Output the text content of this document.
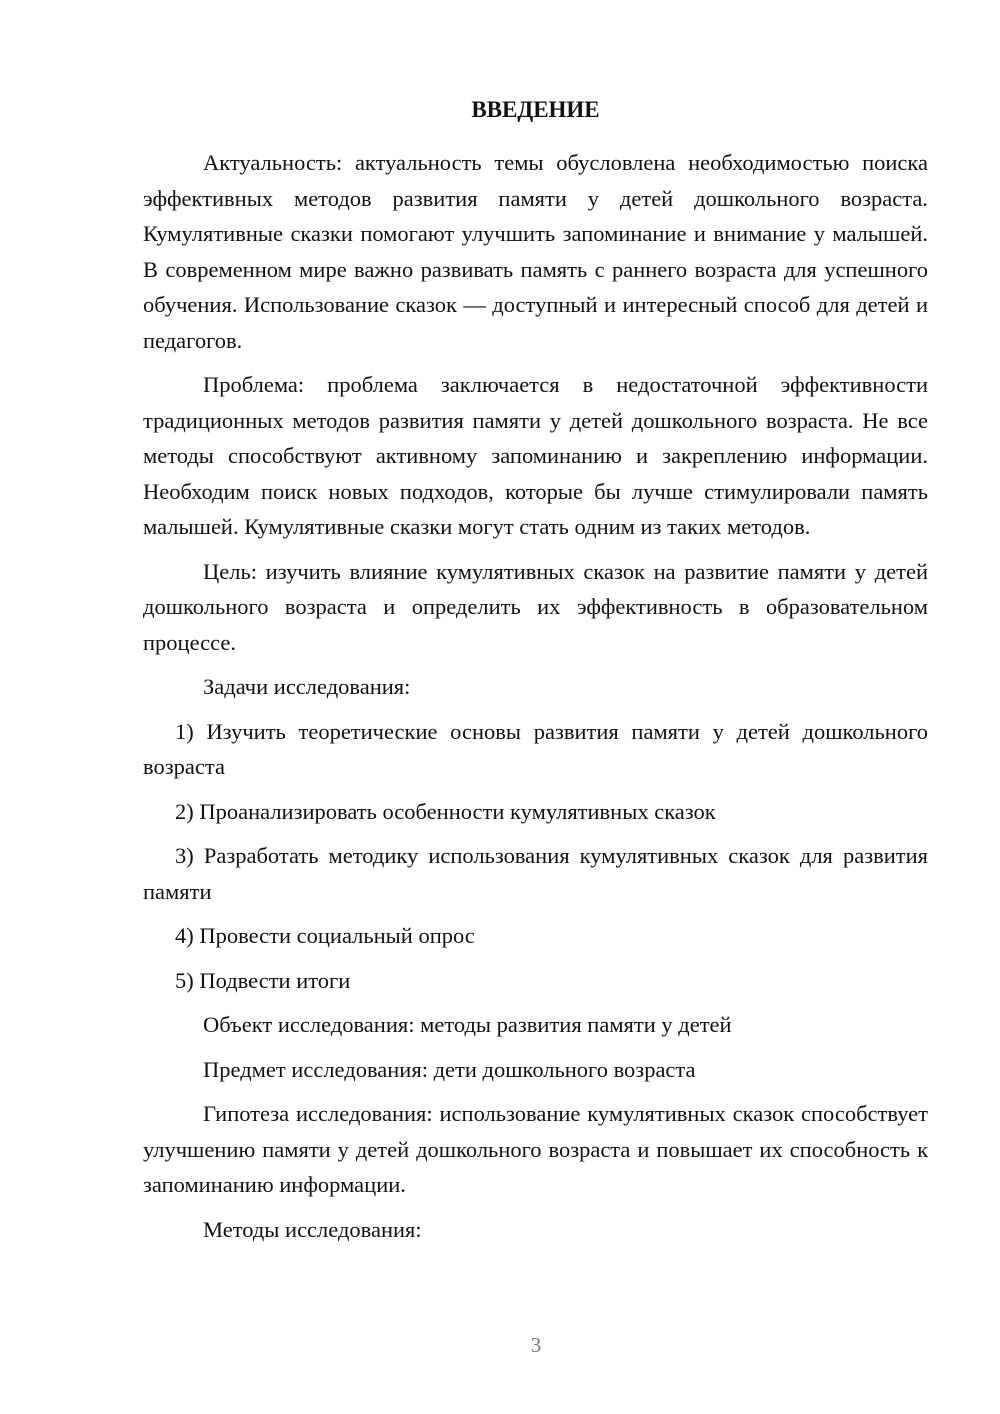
ВВЕДЕНИЕ

Актуальность: актуальность темы обусловлена необходимостью поиска эффективных методов развития памяти у детей дошкольного возраста. Кумулятивные сказки помогают улучшить запоминание и внимание у малышей. В современном мире важно развивать память с раннего возраста для успешного обучения. Использование сказок — доступный и интересный способ для детей и педагогов.

Проблема: проблема заключается в недостаточной эффективности традиционных методов развития памяти у детей дошкольного возраста. Не все методы способствуют активному запоминанию и закреплению информации. Необходим поиск новых подходов, которые бы лучше стимулировали память малышей. Кумулятивные сказки могут стать одним из таких методов.

Цель: изучить влияние кумулятивных сказок на развитие памяти у детей дошкольного возраста и определить их эффективность в образовательном процессе.

Задачи исследования:

1) Изучить теоретические основы развития памяти у детей дошкольного возраста

2) Проанализировать особенности кумулятивных сказок

3) Разработать методику использования кумулятивных сказок для развития памяти

4) Провести социальный опрос

5) Подвести итоги

Объект исследования: методы развития памяти у детей

Предмет исследования: дети дошкольного возраста

Гипотеза исследования: использование кумулятивных сказок способствует улучшению памяти у детей дошкольного возраста и повышает их способность к запоминанию информации.

Методы исследования:

3
